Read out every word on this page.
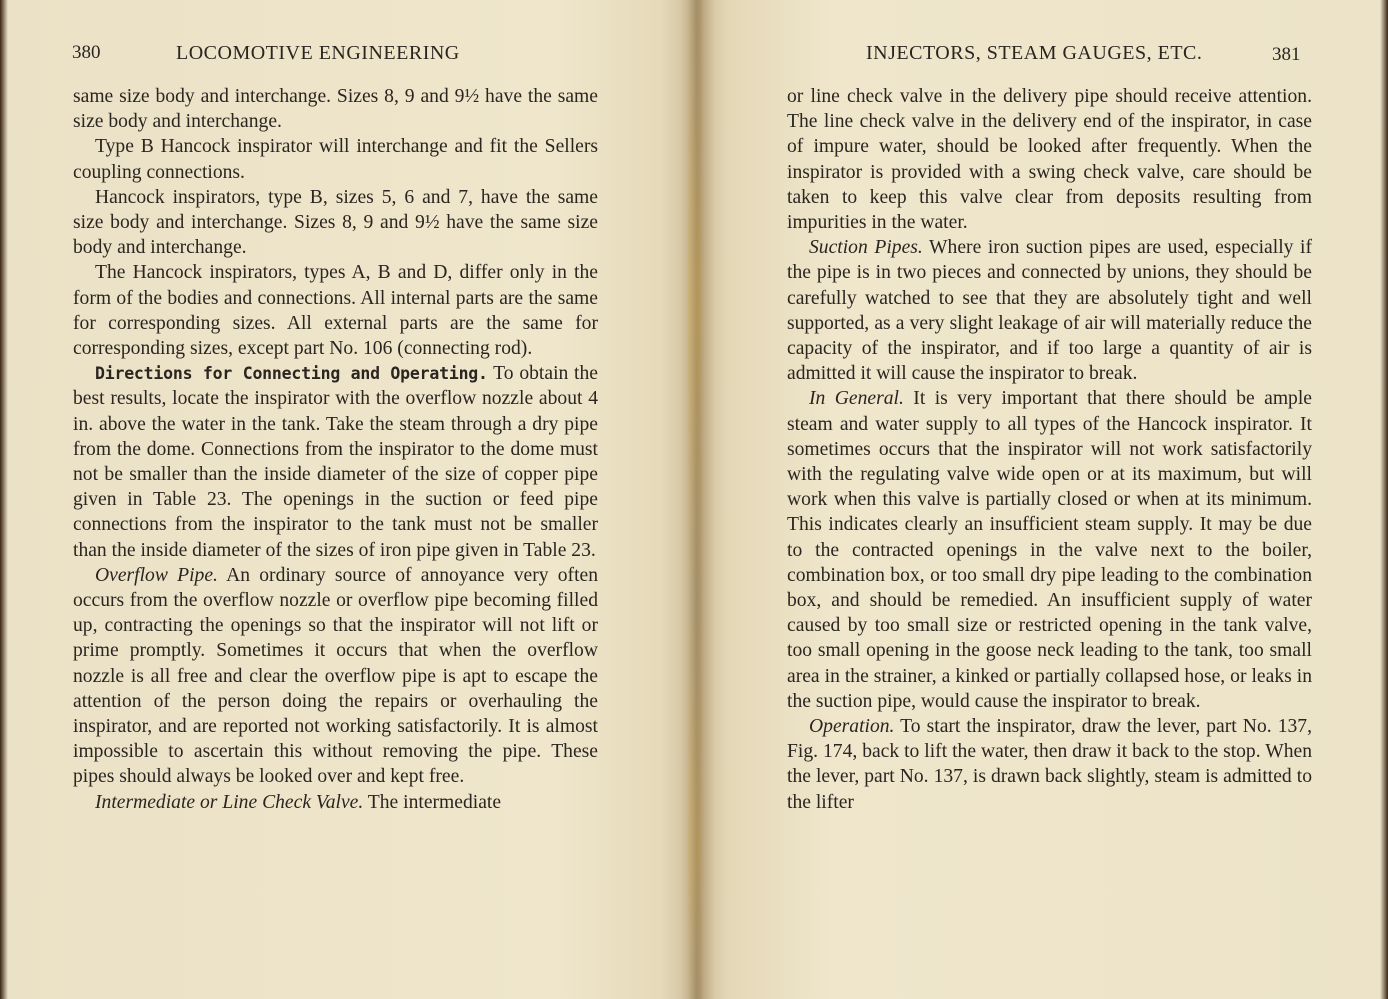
380	LOCOMOTIVE ENGINEERING

same size body and interchange. Sizes 8, 9 and 9½ have the same size body and interchange.

Type B Hancock inspirator will interchange and fit the Sellers coupling connections.

Hancock inspirators, type B, sizes 5, 6 and 7, have the same size body and interchange. Sizes 8, 9 and 9½ have the same size body and interchange.

The Hancock inspirators, types A, B and D, differ only in the form of the bodies and connections. All internal parts are the same for corresponding sizes. All external parts are the same for corresponding sizes, except part No. 106 (connecting rod).

Directions for Connecting and Operating. To obtain the best results, locate the inspirator with the overflow nozzle about 4 in. above the water in the tank. Take the steam through a dry pipe from the dome. Connections from the inspirator to the dome must not be smaller than the inside diameter of the size of copper pipe given in Table 23. The openings in the suction or feed pipe connections from the inspirator to the tank must not be smaller than the inside diameter of the sizes of iron pipe given in Table 23.

Overflow Pipe. An ordinary source of annoyance very often occurs from the overflow nozzle or overflow pipe becoming filled up, contracting the openings so that the inspirator will not lift or prime promptly. Sometimes it occurs that when the overflow nozzle is all free and clear the overflow pipe is apt to escape the attention of the person doing the repairs or overhauling the inspirator, and are reported not working satisfactorily. It is almost impossible to ascertain this without removing the pipe. These pipes should always be looked over and kept free.

Intermediate or Line Check Valve. The intermediate

INJECTORS, STEAM GAUGES, ETC.	381

or line check valve in the delivery pipe should receive attention. The line check valve in the delivery end of the inspirator, in case of impure water, should be looked after frequently. When the inspirator is provided with a swing check valve, care should be taken to keep this valve clear from deposits resulting from impurities in the water.

Suction Pipes. Where iron suction pipes are used, especially if the pipe is in two pieces and connected by unions, they should be carefully watched to see that they are absolutely tight and well supported, as a very slight leakage of air will materially reduce the capacity of the inspirator, and if too large a quantity of air is admitted it will cause the inspirator to break.

In General. It is very important that there should be ample steam and water supply to all types of the Hancock inspirator. It sometimes occurs that the inspirator will not work satisfactorily with the regulating valve wide open or at its maximum, but will work when this valve is partially closed or when at its minimum. This indicates clearly an insufficient steam supply. It may be due to the contracted openings in the valve next to the boiler, combination box, or too small dry pipe leading to the combination box, and should be remedied. An insufficient supply of water caused by too small size or restricted opening in the tank valve, too small opening in the goose neck leading to the tank, too small area in the strainer, a kinked or partially collapsed hose, or leaks in the suction pipe, would cause the inspirator to break.

Operation. To start the inspirator, draw the lever, part No. 137, Fig. 174, back to lift the water, then draw it back to the stop. When the lever, part No. 137, is drawn back slightly, steam is admitted to the lifter
